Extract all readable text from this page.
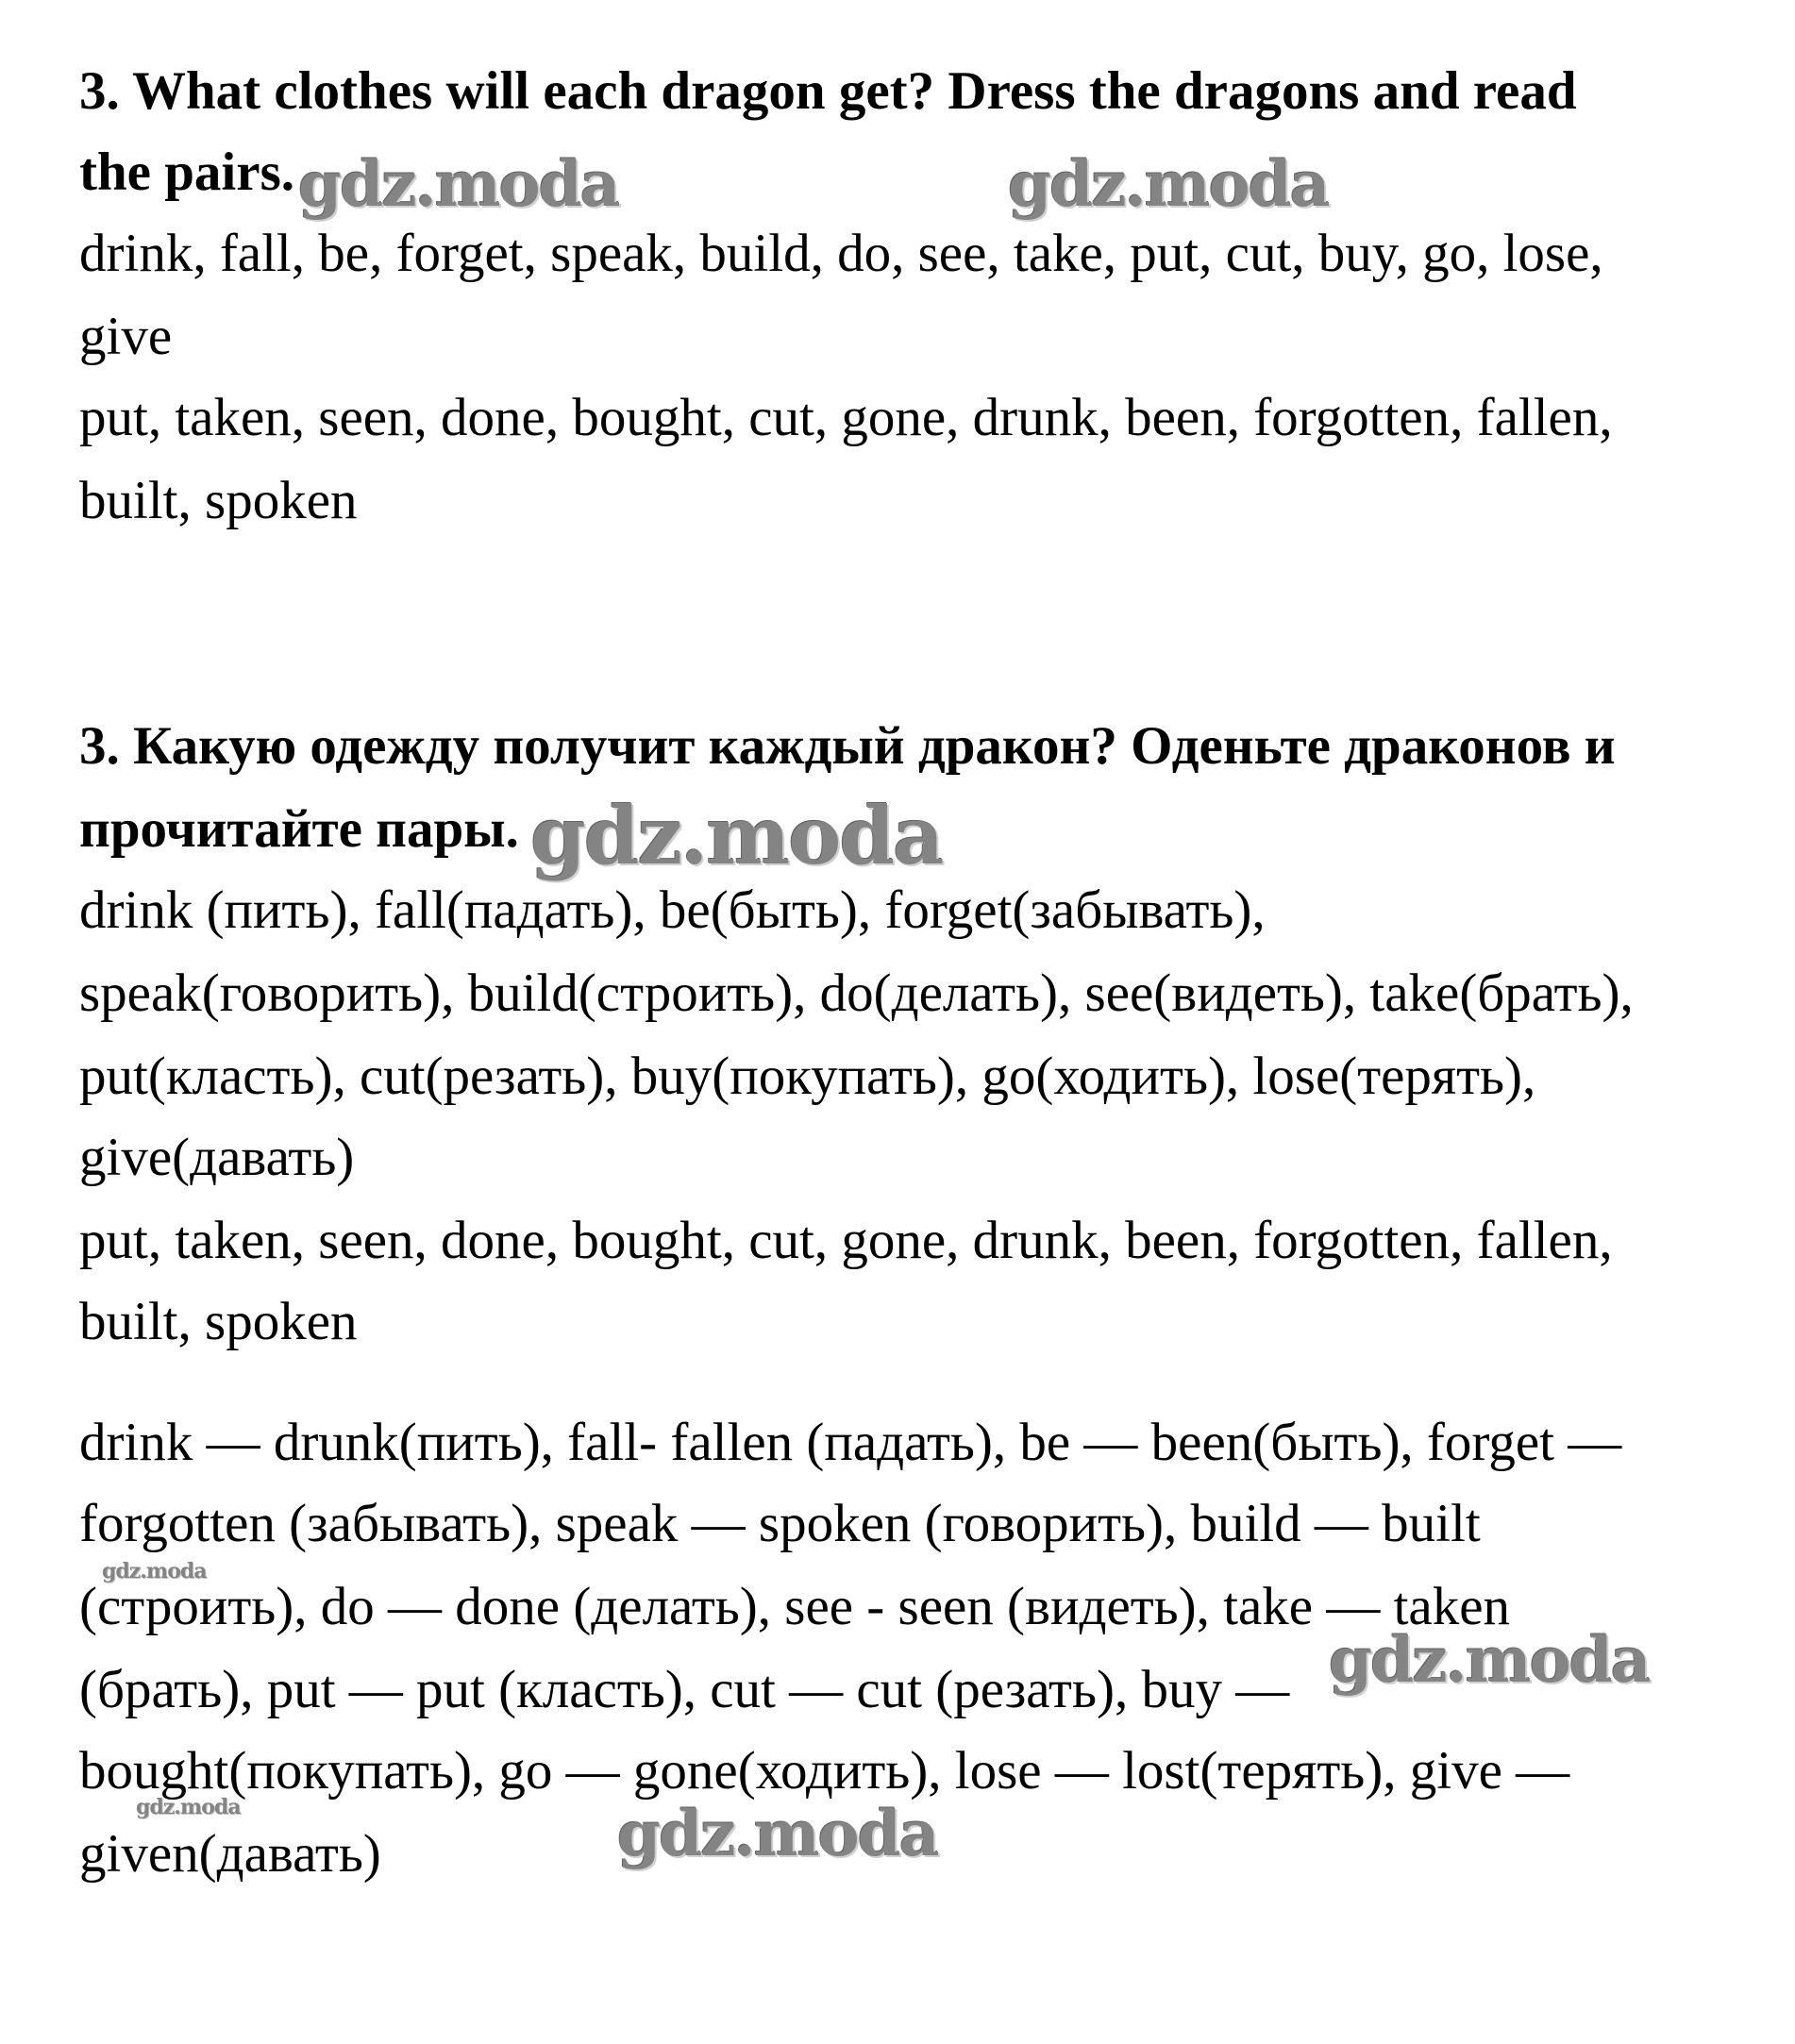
3. What clothes will each dragon get? Dress the dragons and read
the pairs.
drink, fall, be, forget, speak, build, do, see, take, put, cut, buy, go, lose,
give
put, taken, seen, done, bought, cut, gone, drunk, been, forgotten, fallen,
built, spoken
3. Какую одежду получит каждый дракон? Оденьте драконов и
прочитайте пары.
drink (пить), fall(падать), be(быть), forget(забывать),
speak(говорить), build(строить), do(делать), see(видеть), take(брать),
put(класть), cut(резать), buy(покупать), go(ходить), lose(терять),
give(давать)
put, taken, seen, done, bought, cut, gone, drunk, been, forgotten, fallen,
built, spoken
drink — drunk(пить), fall- fallen (падать), be — been(быть), forget —
forgotten (забывать), speak — spoken (говорить), build — built
(строить), do — done (делать), see - seen (видеть), take — taken
(брать), put — put (класть), cut — cut (резать), buy —
bought(покупать), go — gone(ходить), lose — lost(терять), give —
given(давать)
gdz.moda	gdz.moda
gdz.moda
gdz.moda
gdz.moda
gdz.moda	gdz.moda
